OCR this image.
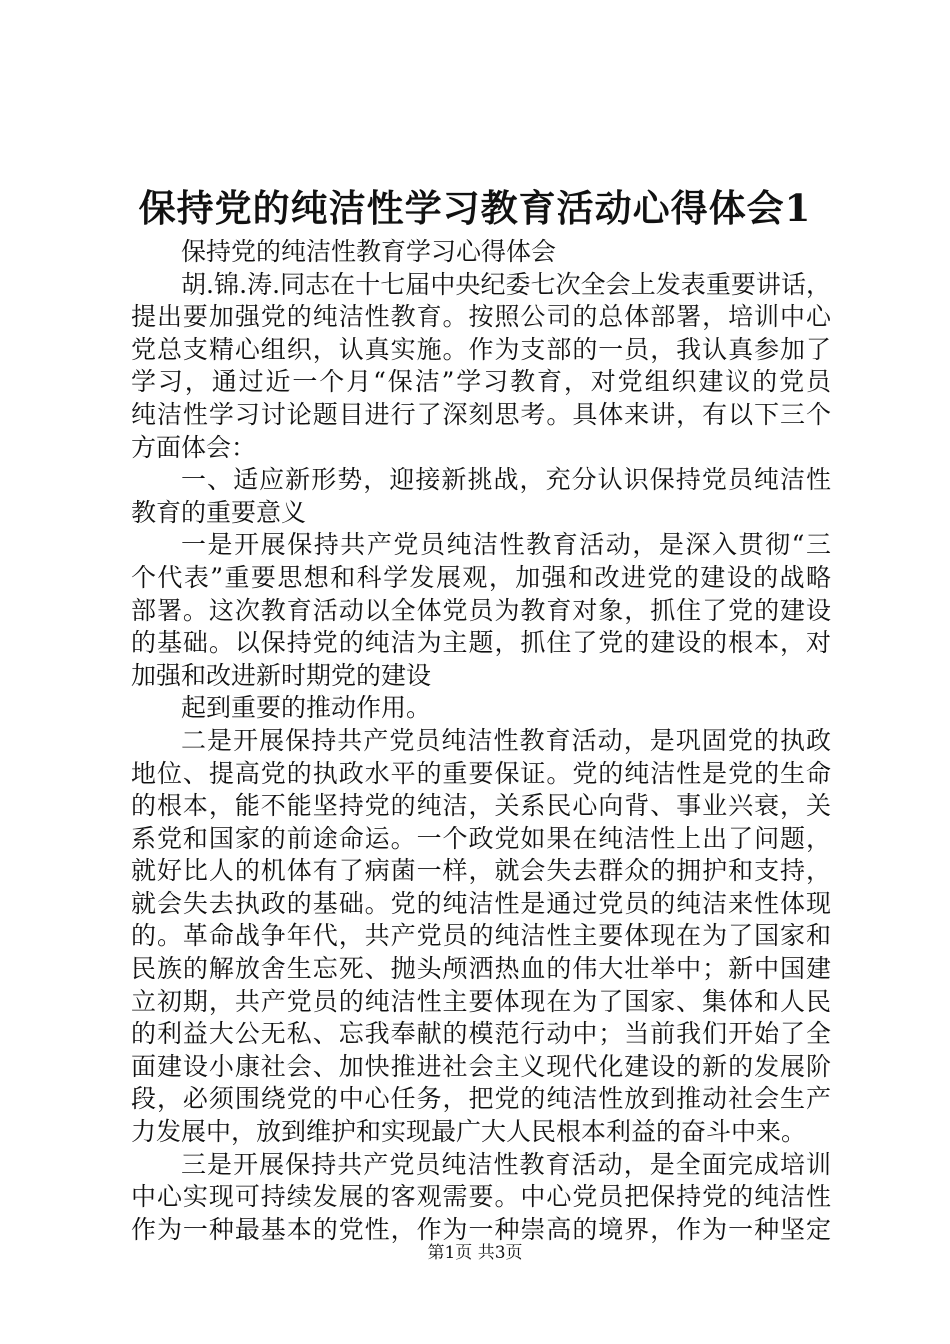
保持党的纯洁性学习教育活动心得体会1
保持党的纯洁性教育学习心得体会
胡.锦.涛.同志在十七届中央纪委七次全会上发表重要讲话，
提出要加强党的纯洁性教育。按照公司的总体部署，培训中心
党总支精心组织，认真实施。作为支部的一员，我认真参加了
学习，通过近一个月“保洁”学习教育，对党组织建议的党员
纯洁性学习讨论题目进行了深刻思考。具体来讲，有以下三个
方面体会：
一、适应新形势，迎接新挑战，充分认识保持党员纯洁性
教育的重要意义
一是开展保持共产党员纯洁性教育活动，是深入贯彻“三
个代表”重要思想和科学发展观，加强和改进党的建设的战略
部署。这次教育活动以全体党员为教育对象，抓住了党的建设
的基础。以保持党的纯洁为主题，抓住了党的建设的根本，对
加强和改进新时期党的建设
起到重要的推动作用。
二是开展保持共产党员纯洁性教育活动，是巩固党的执政
地位、提高党的执政水平的重要保证。党的纯洁性是党的生命
的根本，能不能坚持党的纯洁，关系民心向背、事业兴衰，关
系党和国家的前途命运。一个政党如果在纯洁性上出了问题，
就好比人的机体有了病菌一样，就会失去群众的拥护和支持，
就会失去执政的基础。党的纯洁性是通过党员的纯洁来性体现
的。革命战争年代，共产党员的纯洁性主要体现在为了国家和
民族的解放舍生忘死、抛头颅洒热血的伟大壮举中；新中国建
立初期，共产党员的纯洁性主要体现在为了国家、集体和人民
的利益大公无私、忘我奉献的模范行动中；当前我们开始了全
面建设小康社会、加快推进社会主义现代化建设的新的发展阶
段，必须围绕党的中心任务，把党的纯洁性放到推动社会生产
力发展中，放到维护和实现最广大人民根本利益的奋斗中来。
三是开展保持共产党员纯洁性教育活动，是全面完成培训
中心实现可持续发展的客观需要。中心党员把保持党的纯洁性
作为一种最基本的党性，作为一种崇高的境界，作为一种坚定
第1页 共3页
